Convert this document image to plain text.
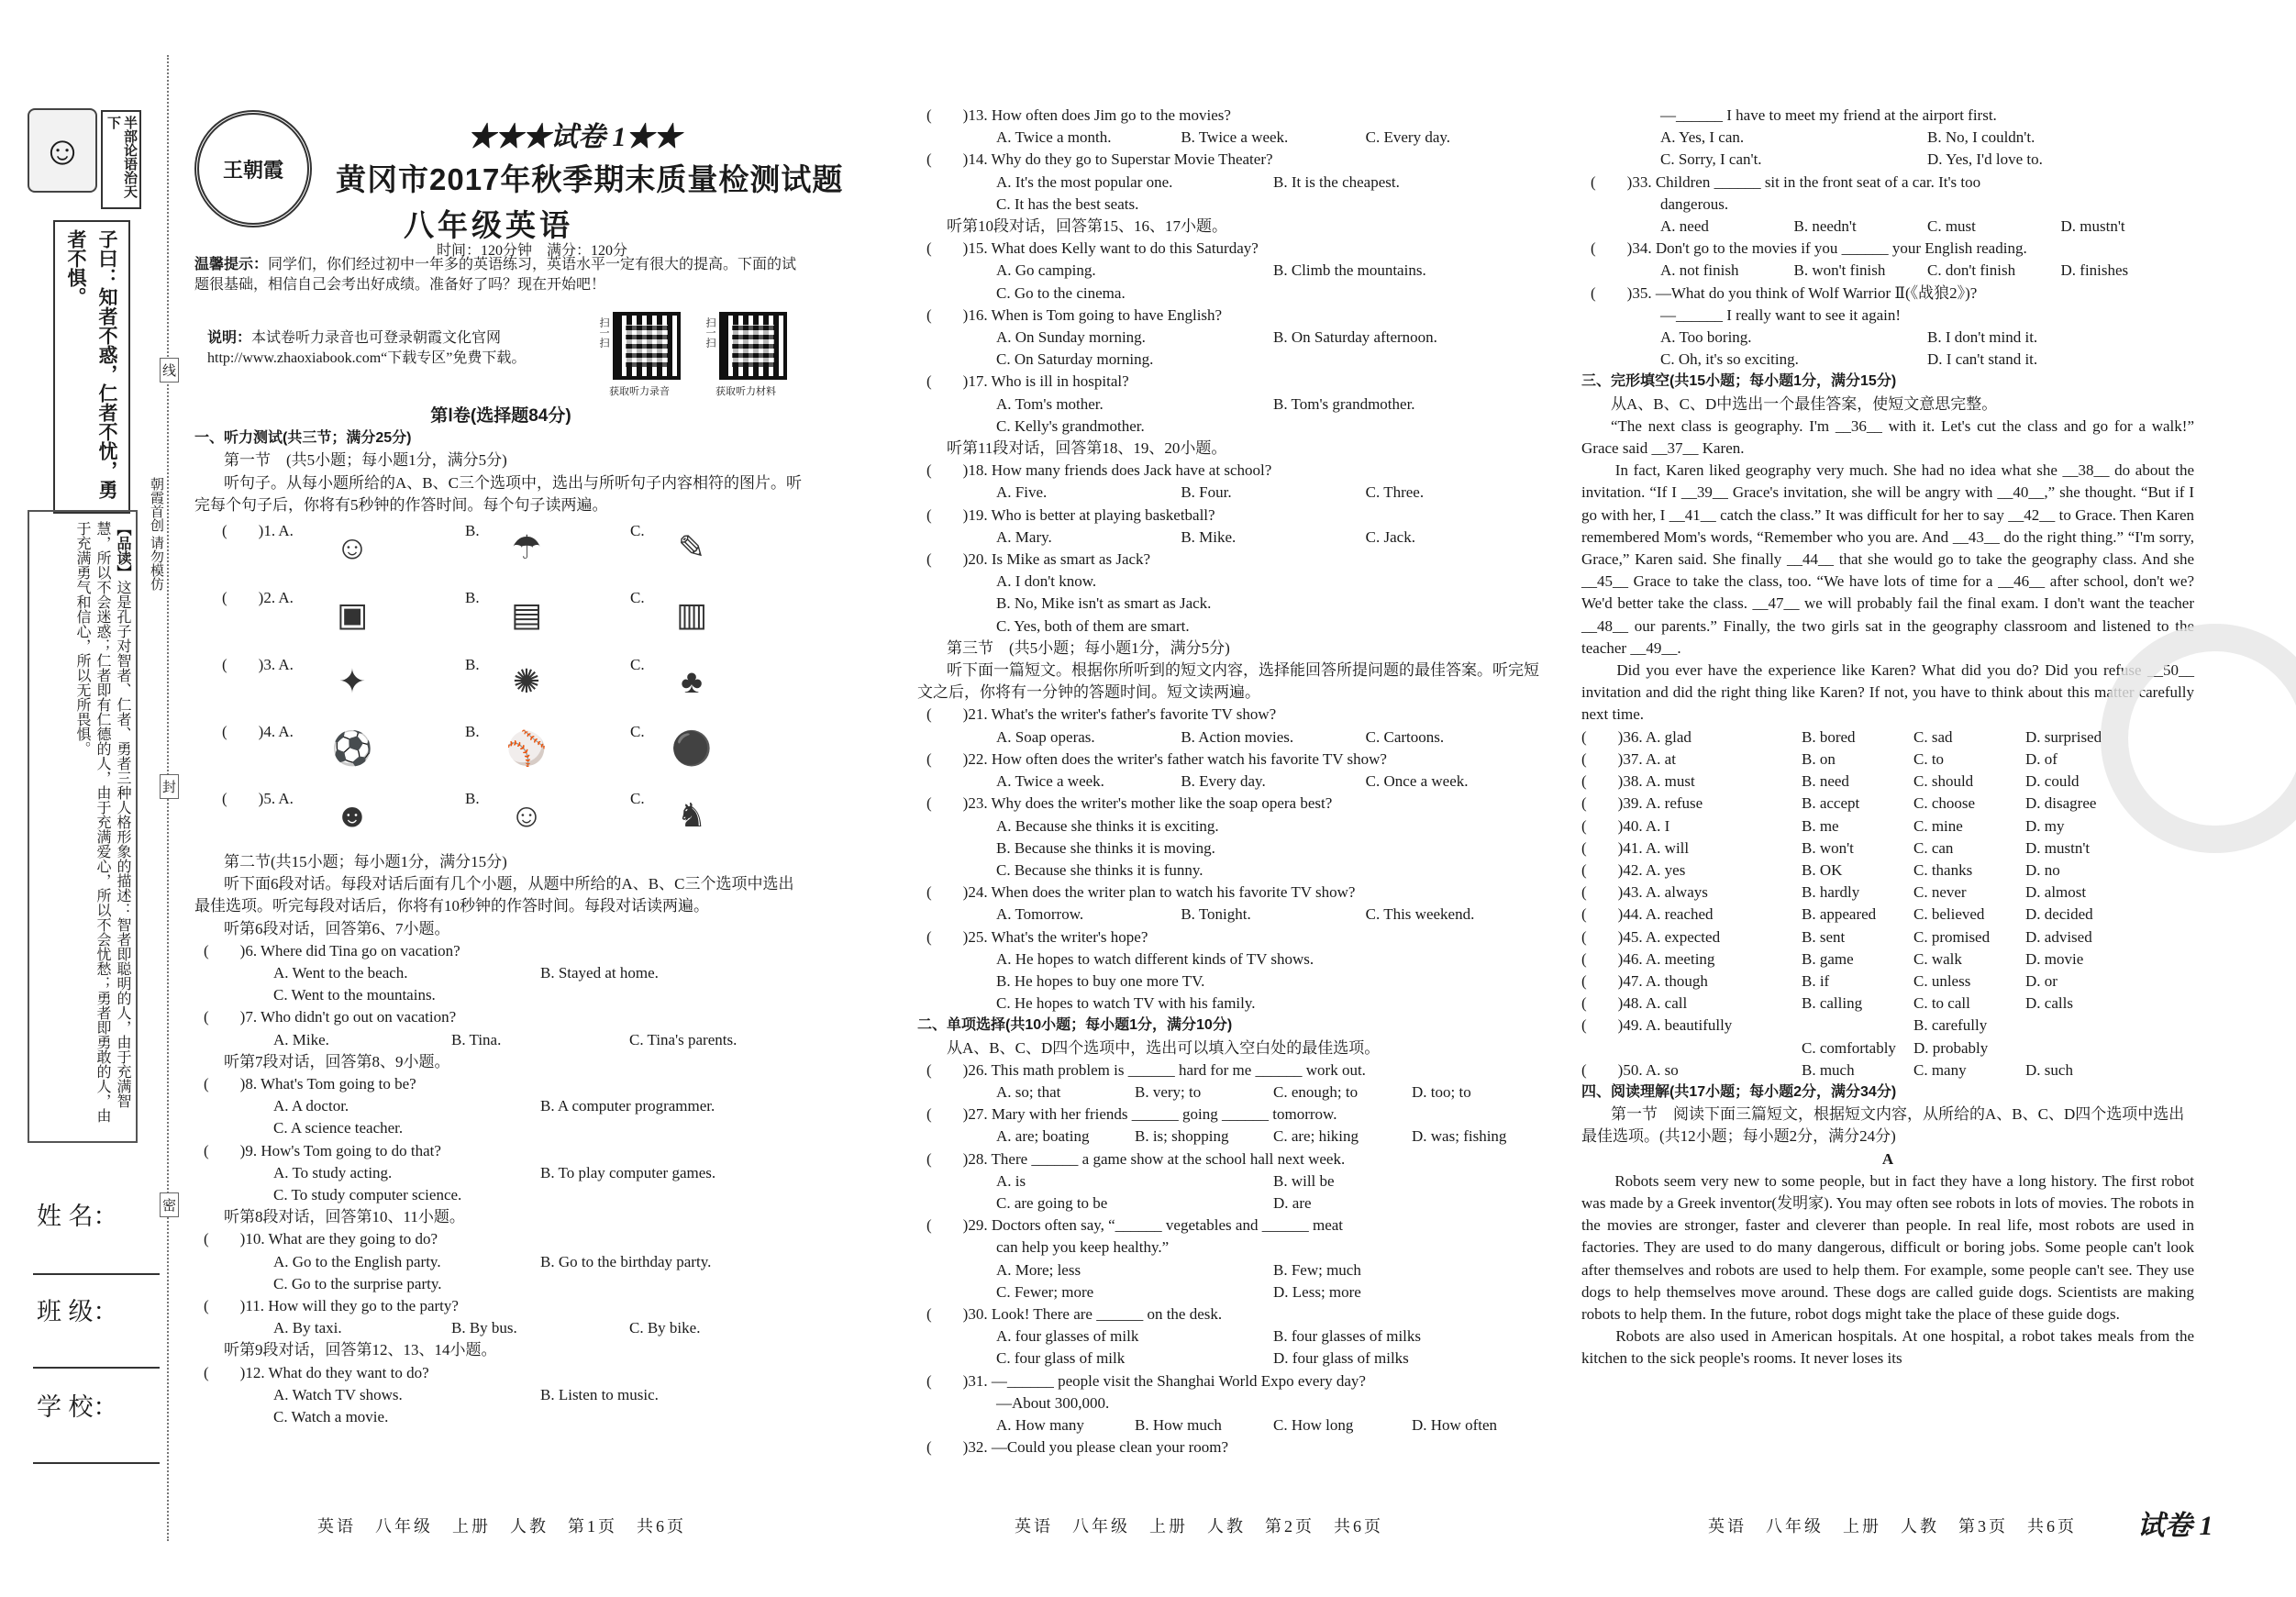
☺	半部论语治天下
子曰：知者不惑，仁者不忧，勇者不惧。
【品读】这是孔子对智者、仁者、勇者三种人格形象的描述：智者即聪明的人，由于充满智慧，所以不会迷惑；仁者即有仁德的人，由于充满爱心，所以不会忧愁；勇者即勇敢的人，由于充满勇气和信心，所以无所畏惧。	朝霞首创 请勿模仿
姓 名：
班 级：
学 校：
线
封
密
王朝霞
★★★试卷 1★★
黄冈市2017年秋季期末质量检测试题
八年级英语
时间：120分钟　满分：120分
温馨提示：同学们，你们经过初中一年多的英语练习，英语水平一定有很大的提高。下面的试题很基础，相信自己会考出好成绩。准备好了吗？现在开始吧！
说明：本试卷听力录音也可登录朝霞文化官网http://www.zhaoxiabook.com“下载专区”免费下载。
扫一扫
获取听力录音
扫一扫
获取听力材料

第Ⅰ卷(选择题84分)

一、听力测试(共三节；满分25分)

第一节　(共5小题；每小题1分，满分5分)

听句子。从每小题所给的A、B、C三个选项中，选出与所听句子内容相符的图片。听完每个句子后，你将有5秒钟的作答时间。每个句子读两遍。

(　　)1. A.	☺	B. ☂	C.	✎
(　　)2. A.	▣	B. ▤	C. ▥
(　　)3. A.	✦	B.	✺	C.	♣
(　　)4. A. ⚽	B. ⚾	C. ⚫
(　　)5. A.	☻	B. ☺	C. ♞

第二节(共15小题；每小题1分，满分15分)

听下面6段对话。每段对话后面有几个小题，从题中所给的A、B、C三个选项中选出最佳选项。听完每段对话后，你将有10秒钟的作答时间。每段对话读两遍。

听第6段对话，回答第6、7小题。

(　　)6. Where did Tina go on vacation?

A. Went to the beach.	B. Stayed at home.
C. Went to the mountains.

(　　)7. Who didn't go out on vacation?

A. Mike.	B. Tina.	C. Tina's parents.

听第7段对话，回答第8、9小题。

(　　)8. What's Tom going to be?

A. A doctor.	B. A computer programmer.
C. A science teacher.

(　　)9. How's Tom going to do that?

A. To study acting.	B. To play computer games.
C. To study computer science.

听第8段对话，回答第10、11小题。

(　　)10. What are they going to do?

A. Go to the English party.	B. Go to the birthday party.
C. Go to the surprise party.

(　　)11. How will they go to the party?

A. By taxi.	B. By bus.	C. By bike.

听第9段对话，回答第12、13、14小题。

(　　)12. What do they want to do?

A. Watch TV shows.	B. Listen to music.
C. Watch a movie.
英语　八年级　上册　人教　第1页　共6页

(　　)13. How often does Jim go to the movies?

A. Twice a month.	B. Twice a week.	C. Every day.

(　　)14. Why do they go to Superstar Movie Theater?

A. It's the most popular one.	B. It is the cheapest.
C. It has the best seats.

听第10段对话，回答第15、16、17小题。

(　　)15. What does Kelly want to do this Saturday?

A. Go camping.	B. Climb the mountains.
C. Go to the cinema.

(　　)16. When is Tom going to have English?

A. On Sunday morning.	B. On Saturday afternoon.
C. On Saturday morning.

(　　)17. Who is ill in hospital?

A. Tom's mother.	B. Tom's grandmother.
C. Kelly's grandmother.

听第11段对话，回答第18、19、20小题。

(　　)18. How many friends does Jack have at school?

A. Five.	B. Four.	C. Three.

(　　)19. Who is better at playing basketball?

A. Mary.	B. Mike.	C. Jack.

(　　)20. Is Mike as smart as Jack?

A. I don't know.
B. No, Mike isn't as smart as Jack.
C. Yes, both of them are smart.

第三节　(共5小题；每小题1分，满分5分)

听下面一篇短文。根据你所听到的短文内容，选择能回答所提问题的最佳答案。听完短文之后，你将有一分钟的答题时间。短文读两遍。

(　　)21. What's the writer's father's favorite TV show?

A. Soap operas.	B. Action movies.	C. Cartoons.

(　　)22. How often does the writer's father watch his favorite TV show?

A. Twice a week.	B. Every day.	C. Once a week.

(　　)23. Why does the writer's mother like the soap opera best?

A. Because she thinks it is exciting.
B. Because she thinks it is moving.
C. Because she thinks it is funny.

(　　)24. When does the writer plan to watch his favorite TV show?

A. Tomorrow.	B. Tonight.	C. This weekend.

(　　)25. What's the writer's hope?

A. He hopes to watch different kinds of TV shows.
B. He hopes to buy one more TV.
C. He hopes to watch TV with his family.

二、单项选择(共10小题；每小题1分，满分10分)

从A、B、C、D四个选项中，选出可以填入空白处的最佳选项。

(　　)26. This math problem is ______ hard for me ______ work out.

A. so; that	B. very; to	C. enough; to	D. too; to

(　　)27. Mary with her friends ______ going ______ tomorrow.

A. are; boating	B. is; shopping	C. are; hiking	D. was; fishing

(　　)28. There ______ a game show at the school hall next week.

A. is	B. will be
C. are going to be	D. are

(　　)29. Doctors often say, “______ vegetables and ______ meat

can help you keep healthy.”
A. More; less	B. Few; much
C. Fewer; more	D. Less; more

(　　)30. Look! There are ______ on the desk.

A. four glasses of milk	B. four glasses of milks
C. four glass of milk	D. four glass of milks

(　　)31. —______ people visit the Shanghai World Expo every day?

—About 300,000.
A. How many	B. How much	C. How long	D. How often

(　　)32. —Could you please clean your room?

英语　八年级　上册　人教　第2页　共6页
—______ I have to meet my friend at the airport first.
A. Yes, I can.	B. No, I couldn't.
C. Sorry, I can't.	D. Yes, I'd love to.

(　　)33. Children ______ sit in the front seat of a car. It's too

dangerous.
A. need	B. needn't	C. must	D. mustn't

(　　)34. Don't go to the movies if you ______ your English reading.

A. not finish	B. won't finish	C. don't finish	D. finishes

(　　)35. —What do you think of Wolf Warrior Ⅱ(《战狼2》)?

—______ I really want to see it again!
A. Too boring.	B. I don't mind it.
C. Oh, it's so exciting.	D. I can't stand it.

三、完形填空(共15小题；每小题1分，满分15分)

从A、B、C、D中选出一个最佳答案，使短文意思完整。

“The next class is geography. I'm __36__ with it. Let's cut the class and go for a walk!” Grace said __37__ Karen.
　　In fact, Karen liked geography very much. She had no idea what she __38__ do about the invitation. “If I __39__ Grace's invitation, she will be angry with __40__,” she thought. “But if I go with her, I __41__ catch the class.” It was difficult for her to say __42__ to Grace. Then Karen remembered Mom's words, “Remember who you are. And __43__ do the right thing.” “I'm sorry, Grace,” Karen said. She finally __44__ that she would go to take the geography class. And she __45__ Grace to take the class, too. “We have lots of time for a __46__ after school, don't we? We'd better take the class. __47__ we will probably fail the final exam. I don't want the teacher __48__ our parents.” Finally, the two girls sat in the geography classroom and listened to the teacher __49__.
　　Did you ever have the experience like Karen? What did you do? Did you refuse __50__ invitation and did the right thing like Karen? If not, you have to think about this matter carefully next time.

(　　)36. A. glad	B. bored	C. sad	D. surprised
(　　)37. A. at	B. on	C. to	D. of
(　　)38. A. must	B. need	C. should	D. could
(　　)39. A. refuse	B. accept	C. choose	D. disagree
(　　)40. A. I	B. me	C. mine	D. my
(　　)41. A. will	B. won't	C. can	D. mustn't
(　　)42. A. yes	B. OK	C. thanks	D. no
(　　)43. A. always	B. hardly	C. never	D. almost
(　　)44. A. reached	B. appeared	C. believed	D. decided
(　　)45. A. expected	B. sent	C. promised	D. advised
(　　)46. A. meeting	B. game	C. walk	D. movie
(　　)47. A. though	B. if	C. unless	D. or
(　　)48. A. call	B. calling	C. to call	D. calls
(　　)49. A. beautifully	B. carefully
C. comfortably	D. probably
(　　)50. A. so	B. much	C. many	D. such

四、阅读理解(共17小题；每小题2分，满分34分)

第一节　阅读下面三篇短文，根据短文内容，从所给的A、B、C、D四个选项中选出最佳选项。(共12小题；每小题2分，满分24分)

A

　　Robots seem very new to some people, but in fact they have a long history. The first robot was made by a Greek inventor(发明家). You may often see robots in lots of movies. The robots in the movies are stronger, faster and cleverer than people. In real life, most robots are used in factories. They are used to do many dangerous, difficult or boring jobs. Some people can't look after themselves and robots are used to help them. For example, some people can't see. They use dogs to help themselves move around. These dogs are called guide dogs. Scientists are making robots to help them. In the future, robot dogs might take the place of these guide dogs.
　　Robots are also used in American hospitals. At one hospital, a robot takes meals from the kitchen to the sick people's rooms. It never loses its

英语　八年级　上册　人教　第3页　共6页 试卷 1
